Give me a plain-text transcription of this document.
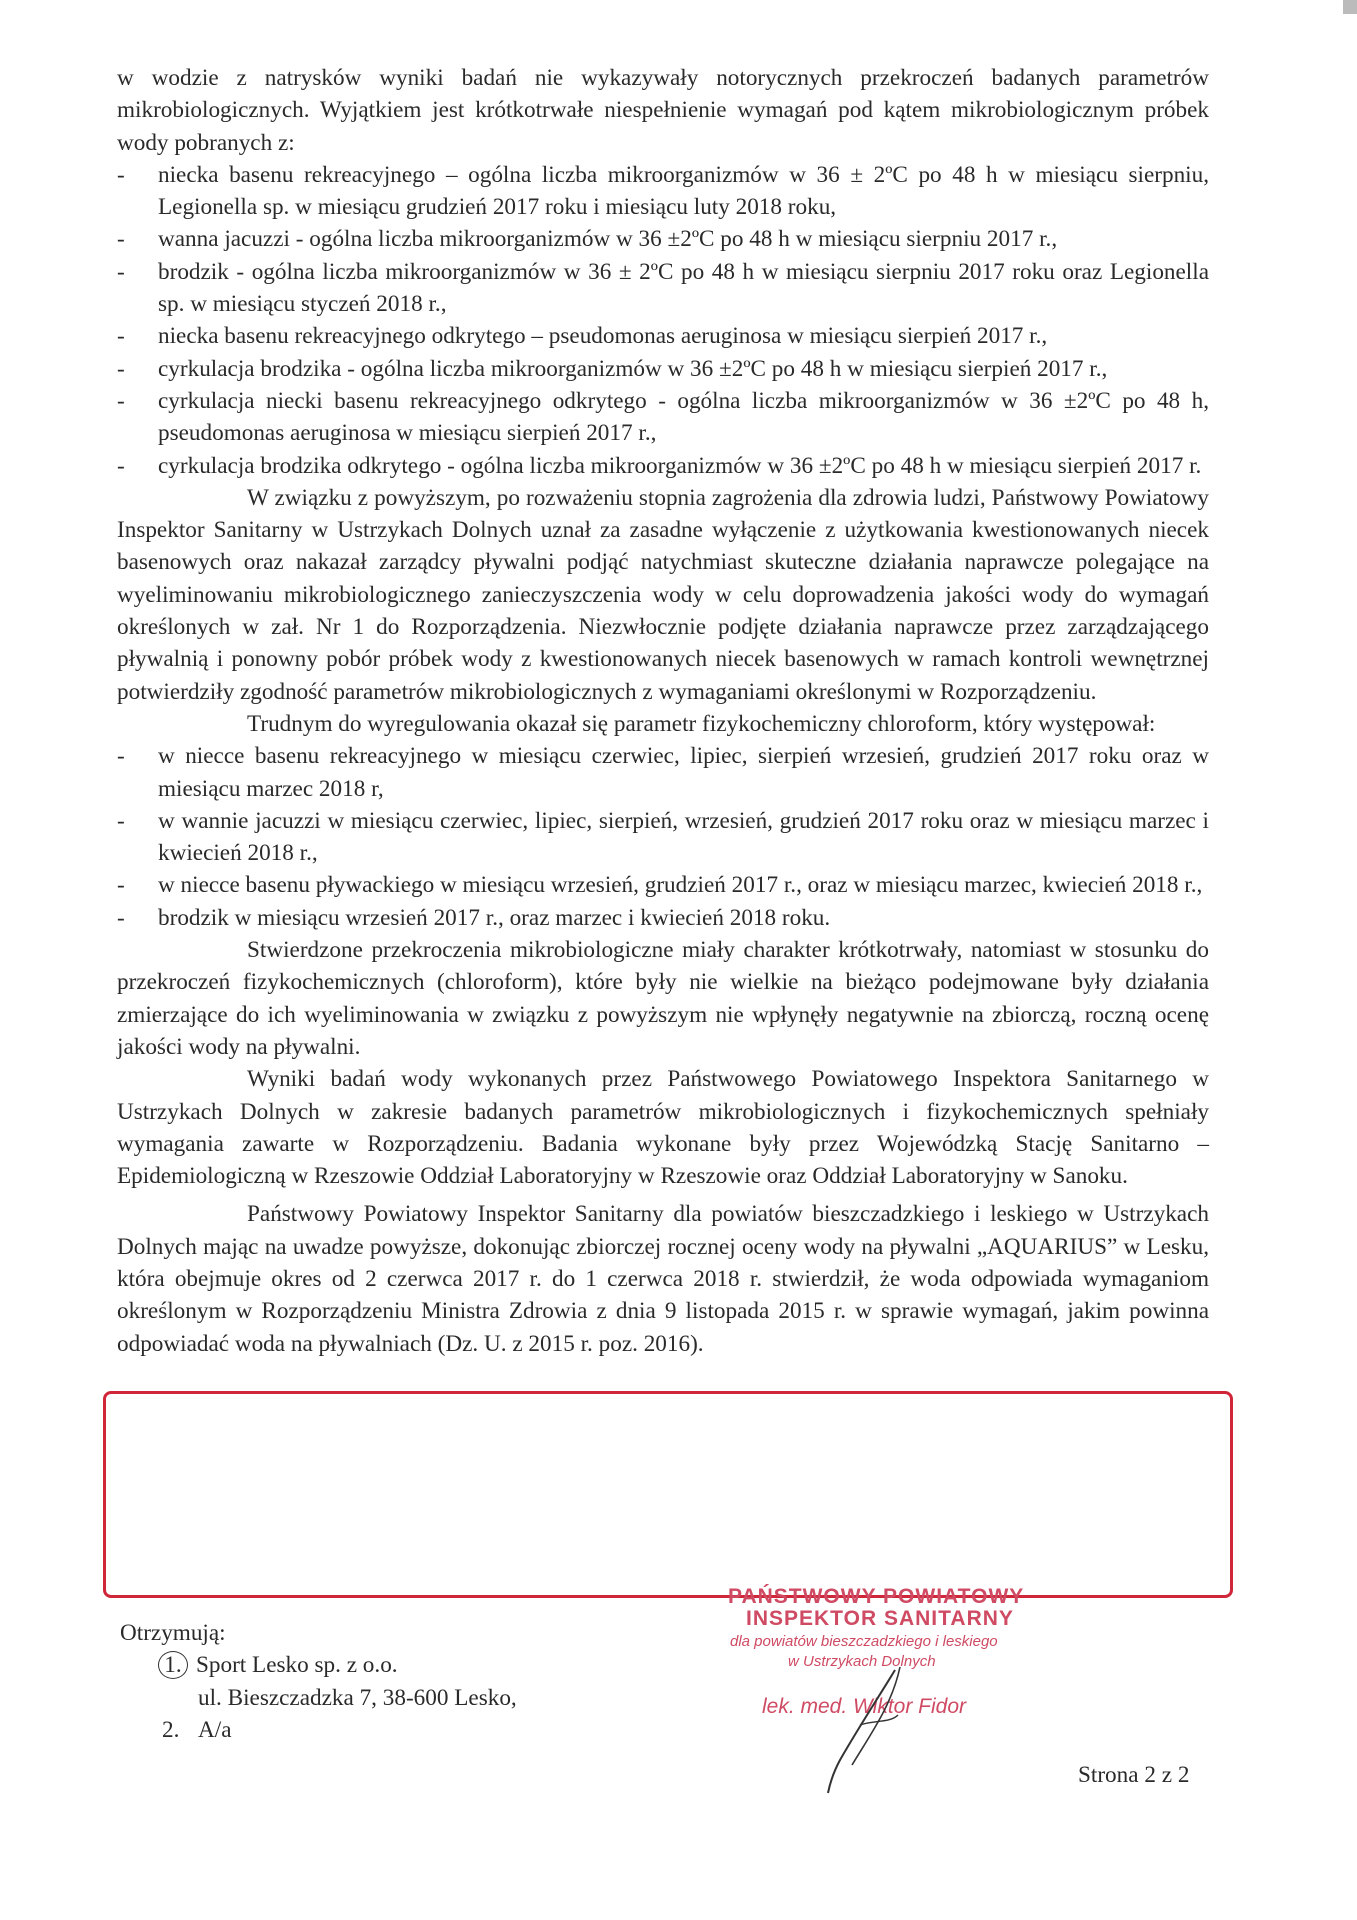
w wodzie z natrysków wyniki badań nie wykazywały notorycznych przekroczeń badanych parametrów mikrobiologicznych. Wyjątkiem jest krótkotrwałe niespełnienie wymagań pod kątem mikrobiologicznym próbek wody pobranych z:

- niecka basenu rekreacyjnego – ogólna liczba mikroorganizmów w 36 ± 2ºC po 48 h w miesiącu sierpniu, Legionella sp. w miesiącu grudzień 2017 roku i miesiącu luty 2018 roku,
- wanna jacuzzi - ogólna liczba mikroorganizmów w 36 ±2ºC po 48 h w miesiącu sierpniu 2017 r.,
- brodzik - ogólna liczba mikroorganizmów w 36 ± 2ºC po 48 h w miesiącu sierpniu 2017 roku oraz Legionella sp. w miesiącu styczeń 2018 r.,
- niecka basenu rekreacyjnego odkrytego – pseudomonas aeruginosa w miesiącu sierpień 2017 r.,
- cyrkulacja brodzika - ogólna liczba mikroorganizmów w 36 ±2ºC po 48 h w miesiącu sierpień 2017 r.,
- cyrkulacja niecki basenu rekreacyjnego odkrytego - ogólna liczba mikroorganizmów w 36 ±2ºC po 48 h, pseudomonas aeruginosa w miesiącu sierpień 2017 r.,
- cyrkulacja brodzika odkrytego - ogólna liczba mikroorganizmów w 36 ±2ºC po 48 h w miesiącu sierpień 2017 r.

W związku z powyższym, po rozważeniu stopnia zagrożenia dla zdrowia ludzi, Państwowy Powiatowy Inspektor Sanitarny w Ustrzykach Dolnych uznał za zasadne wyłączenie z użytkowania kwestionowanych niecek basenowych oraz nakazał zarządcy pływalni podjąć natychmiast skuteczne działania naprawcze polegające na wyeliminowaniu mikrobiologicznego zanieczyszczenia wody w celu doprowadzenia jakości wody do wymagań określonych w zał. Nr 1 do Rozporządzenia. Niezwłocznie podjęte działania naprawcze przez zarządzającego pływalnią i ponowny pobór próbek wody z kwestionowanych niecek basenowych w ramach kontroli wewnętrznej potwierdziły zgodność parametrów mikrobiologicznych z wymaganiami określonymi w Rozporządzeniu.

Trudnym do wyregulowania okazał się parametr fizykochemiczny chloroform, który występował:

- w niecce basenu rekreacyjnego w miesiącu czerwiec, lipiec, sierpień wrzesień, grudzień 2017 roku oraz w miesiącu marzec 2018 r,
- w wannie jacuzzi w miesiącu czerwiec, lipiec, sierpień, wrzesień, grudzień 2017 roku oraz w miesiącu marzec i kwiecień 2018 r.,
- w niecce basenu pływackiego w miesiącu wrzesień, grudzień 2017 r., oraz w miesiącu marzec, kwiecień 2018 r.,
- brodzik w miesiącu wrzesień 2017 r., oraz marzec i kwiecień 2018 roku.

Stwierdzone przekroczenia mikrobiologiczne miały charakter krótkotrwały, natomiast w stosunku do przekroczeń fizykochemicznych (chloroform), które były nie wielkie na bieżąco podejmowane były działania zmierzające do ich wyeliminowania w związku z powyższym nie wpłynęły negatywnie na zbiorczą, roczną ocenę jakości wody na pływalni.

Wyniki badań wody wykonanych przez Państwowego Powiatowego Inspektora Sanitarnego w Ustrzykach Dolnych w zakresie badanych parametrów mikrobiologicznych i fizykochemicznych spełniały wymagania zawarte w Rozporządzeniu. Badania wykonane były przez Wojewódzką Stację Sanitarno – Epidemiologiczną w Rzeszowie Oddział Laboratoryjny w Rzeszowie oraz Oddział Laboratoryjny w Sanoku.

Państwowy Powiatowy Inspektor Sanitarny dla powiatów bieszczadzkiego i leskiego w Ustrzykach Dolnych mając na uwadze powyższe, dokonując zbiorczej rocznej oceny wody na pływalni „AQUARIUS” w Lesku, która obejmuje okres od 2 czerwca 2017 r. do 1 czerwca 2018 r. stwierdził, że woda odpowiada wymaganiom określonym w Rozporządzeniu Ministra Zdrowia z dnia 9 listopada 2015 r. w sprawie wymagań, jakim powinna odpowiadać woda na pływalniach (Dz. U. z 2015 r. poz. 2016).

Otrzymują:
1. Sport Lesko sp. z o.o.
ul. Bieszczadzka 7, 38-600 Lesko,
2. A/a
PAŃSTWOWY POWIATOWY
INSPEKTOR SANITARNY
dla powiatów bieszczadzkiego i leskiego
w Ustrzykach Dolnych
lek. med. Wiktor Fidor
Strona 2 z 2
